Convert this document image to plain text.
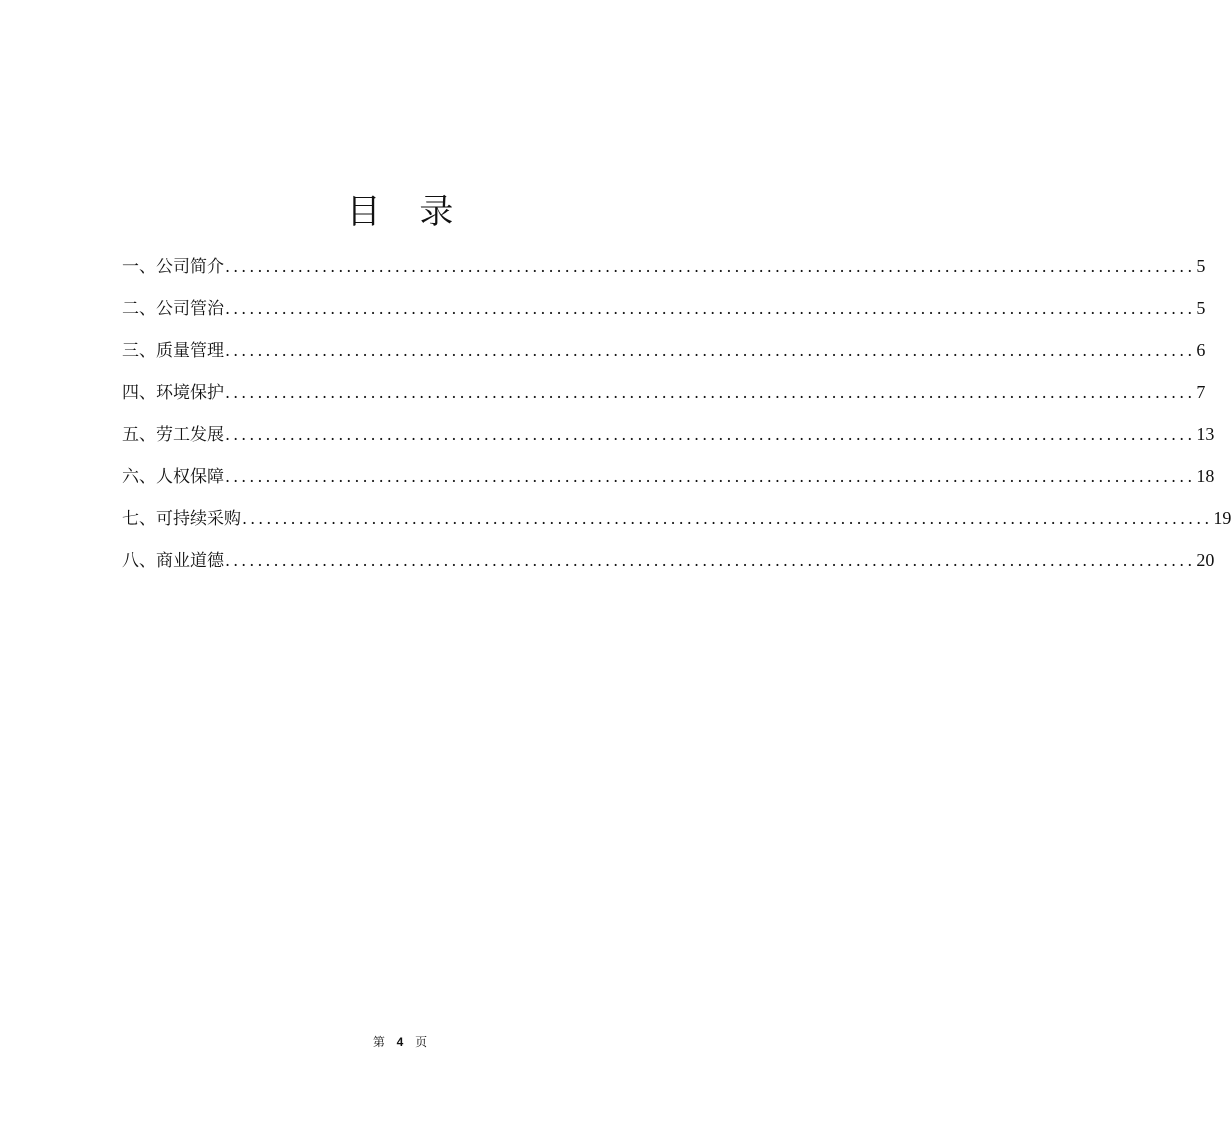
目 录
一、公司简介 ........................................................................................................................ 5
二、公司管治 ........................................................................................................................ 5
三、质量管理 ........................................................................................................................ 6
四、环境保护 ........................................................................................................................ 7
五、劳工发展 ........................................................................................................................ 13
六、人权保障 ........................................................................................................................ 18
七、可持续采购 ........................................................................................................................ 19
八、商业道德 ........................................................................................................................ 20
第 4 页
